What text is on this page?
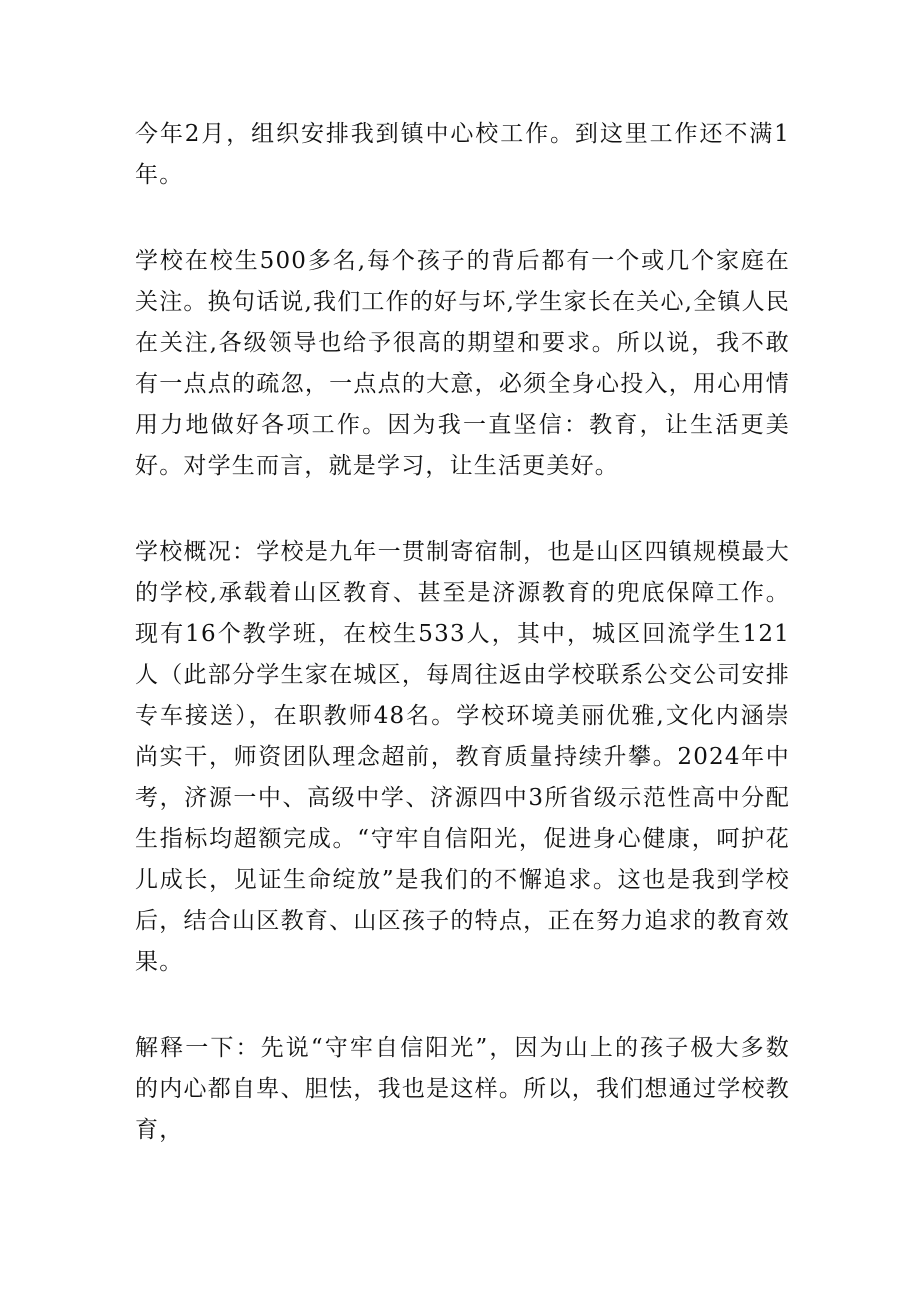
今年2月，组织安排我到镇中心校工作。到这里工作还不满1年。

学校在校生500多名,每个孩子的背后都有一个或几个家庭在关注。换句话说,我们工作的好与坏,学生家长在关心,全镇人民在关注,各级领导也给予很高的期望和要求。所以说，我不敢有一点点的疏忽，一点点的大意，必须全身心投入，用心用情用力地做好各项工作。因为我一直坚信：教育，让生活更美好。对学生而言，就是学习，让生活更美好。

学校概况：学校是九年一贯制寄宿制，也是山区四镇规模最大的学校,承载着山区教育、甚至是济源教育的兜底保障工作。现有16个教学班，在校生533人，其中，城区回流学生121人（此部分学生家在城区，每周往返由学校联系公交公司安排专车接送），在职教师48名。学校环境美丽优雅,文化内涵崇尚实干，师资团队理念超前，教育质量持续升攀。2024年中考，济源一中、高级中学、济源四中3所省级示范性高中分配生指标均超额完成。“守牢自信阳光，促进身心健康，呵护花儿成长，见证生命绽放”是我们的不懈追求。这也是我到学校后，结合山区教育、山区孩子的特点，正在努力追求的教育效果。

解释一下：先说“守牢自信阳光”，因为山上的孩子极大多数的内心都自卑、胆怯，我也是这样。所以，我们想通过学校教育，
